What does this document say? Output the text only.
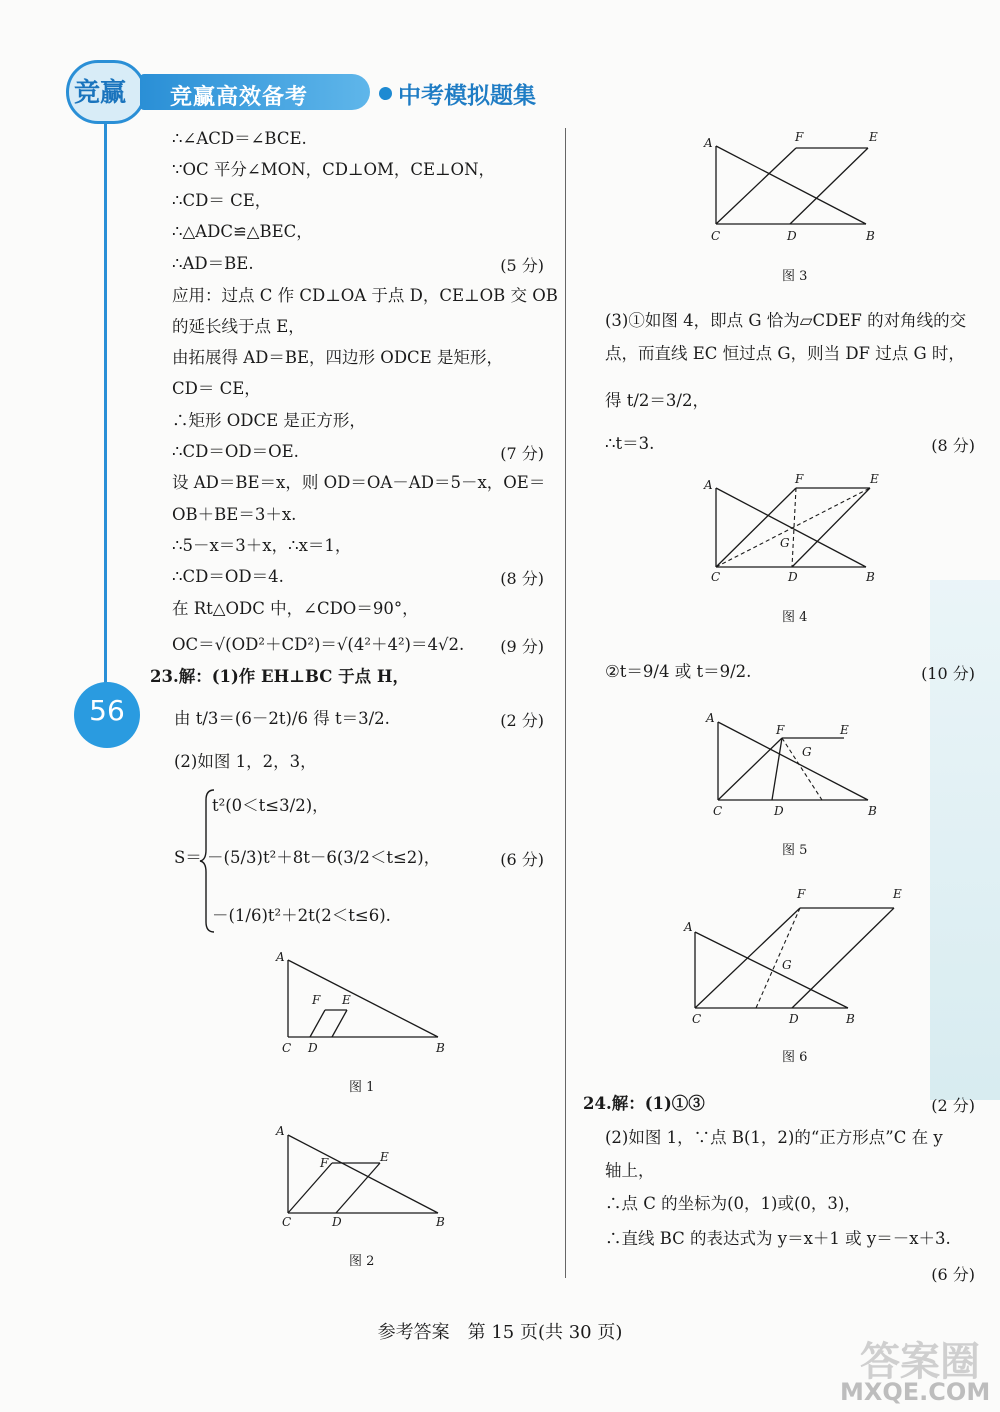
竞赢 竞赢高效备考	中考模拟题集
56
∴∠ACD＝∠BCE.
∵OC 平分∠MON，CD⊥OM，CE⊥ON，
∴CD＝ CE，
∴△ADC≌△BEC，
∴AD＝BE.	(5 分)
应用：过点 C 作 CD⊥OA 于点 D，CE⊥OB 交 OB
的延长线于点 E，
由拓展得 AD＝BE，四边形 ODCE 是矩形，
CD＝ CE，
∴矩形 ODCE 是正方形，
∴CD＝OD＝OE.	(7 分)
设 AD＝BE＝x，则 OD＝OA－AD＝5－x，OE＝
OB＋BE＝3＋x.
∴5－x＝3＋x，∴x＝1，
∴CD＝OD＝4.	(8 分)
在 Rt△ODC 中，∠CDO＝90°，
OC＝√(OD²＋CD²)＝√(4²＋4²)＝4√2. (9 分)
23.解：(1)作 EH⊥BC 于点 H，
由 t/3＝(6－2t)/6 得 t＝3/2.	(2 分)
(2)如图 1，2，3，
t²(0＜t≤3/2)，
S＝ －(5/3)t²＋8t－6(3/2＜t≤2)，	(6 分)
－(1/6)t²＋2t(2＜t≤6).
A
F E
C D	B
图 1
A
F	E
C	D	B
图 2
A	F	E
C	D	B
图 3
(3)①如图 4，即点 G 恰为▱CDEF 的对角线的交
点，而直线 EC 恒过点 G，则当 DF 过点 G 时，
得 t/2＝3/2，
∴t＝3.	(8 分)
②t＝9/4 或 t＝9/2.	(10 分)
A	F	E
G
C	D	B
图 4
A
F	E
G
C	D	B
图 5
A
F	E
G
C	D	B
图 6
24.解：(1)①③	(2 分)
(2)如图 1，∵点 B(1，2)的“正方形点”C 在 y
轴上，
∴点 C 的坐标为(0，1)或(0，3)，
∴直线 BC 的表达式为 y＝x＋1 或 y＝－x＋3.
(6 分)
参考答案　第 15 页(共 30 页)
答案圈
MXQE.COM
